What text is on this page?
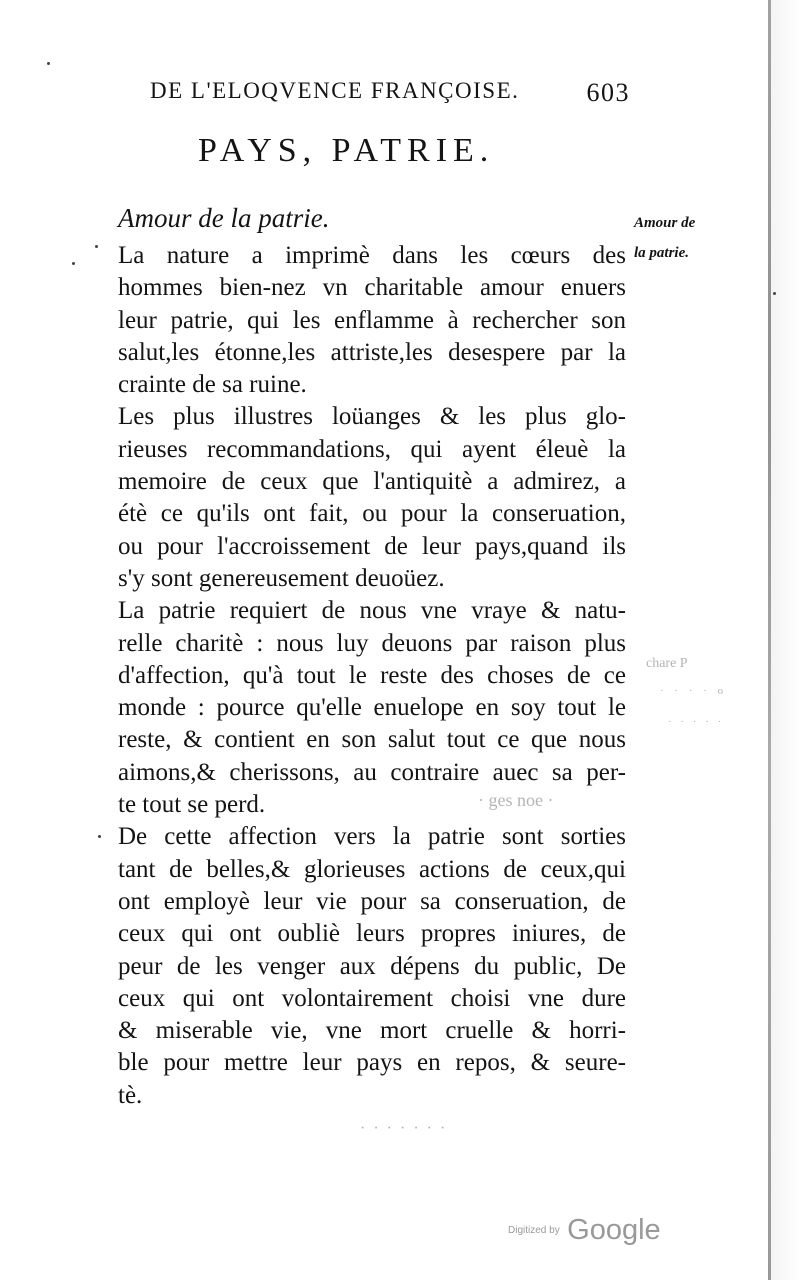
DE L'ELOQVENCE FRANÇOISE.	603
PAYS, PATRIE.
Amour de la patrie.	Amour de
la patrie.
La nature a imprimè dans les cœurs des
hommes bien-nez vn charitable amour enuers
leur patrie, qui les enflamme à rechercher son
salut,les étonne,les attriste,les desespere par la
crainte de sa ruine.
Les plus illustres loüanges & les plus glo-
rieuses recommandations, qui ayent éleuè la
memoire de ceux que l'antiquitè a admirez, a
étè ce qu'ils ont fait, ou pour la conseruation,
ou pour l'accroissement de leur pays,quand ils
s'y sont genereusement deuoüez.
La patrie requiert de nous vne vraye & natu-
relle charitè : nous luy deuons par raison plus
d'affection, qu'à tout le reste des choses de ce
monde : pource qu'elle enuelope en soy tout le
reste, & contient en son salut tout ce que nous
aimons,& cherissons, au contraire auec sa per-
te tout se perd.
De cette affection vers la patrie sont sorties
tant de belles,& glorieuses actions de ceux,qui
ont employè leur vie pour sa conseruation, de
ceux qui ont oubliè leurs propres iniures, de
peur de les venger aux dépens du public, De
ceux qui ont volontairement choisi vne dure
& miserable vie, vne mort cruelle & horri-
ble pour mettre leur pays en repos, & seure-
tè.
chare P
· · · · o
· · · · ·
· ges noe ·
· · · · · · ·
Digitized by Google
